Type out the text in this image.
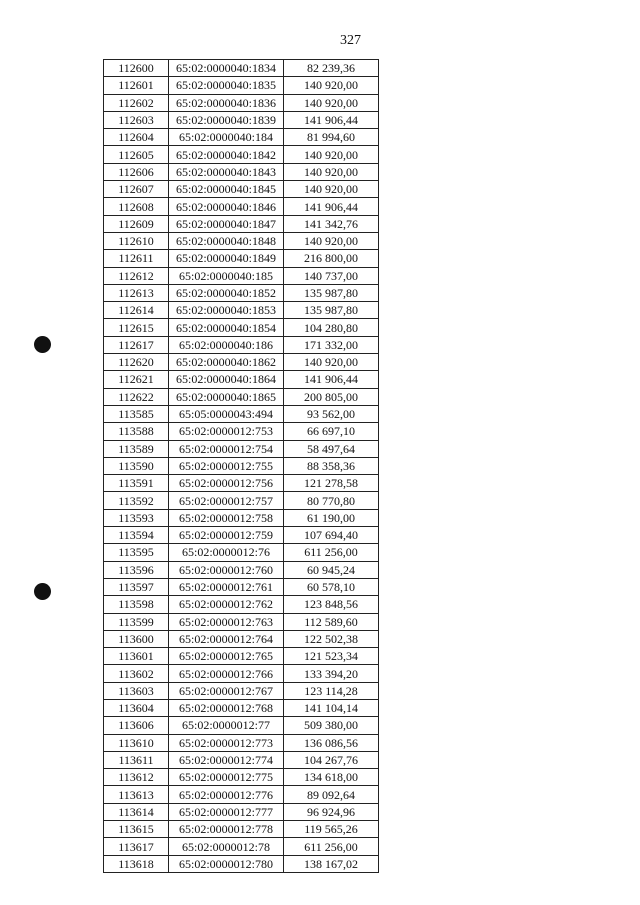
327
112600	65:02:0000040:1834	82 239,36
112601	65:02:0000040:1835	140 920,00
112602	65:02:0000040:1836	140 920,00
112603	65:02:0000040:1839	141 906,44
112604	65:02:0000040:184	81 994,60
112605	65:02:0000040:1842	140 920,00
112606	65:02:0000040:1843	140 920,00
112607	65:02:0000040:1845	140 920,00
112608	65:02:0000040:1846	141 906,44
112609	65:02:0000040:1847	141 342,76
112610	65:02:0000040:1848	140 920,00
112611	65:02:0000040:1849	216 800,00
112612	65:02:0000040:185	140 737,00
112613	65:02:0000040:1852	135 987,80
112614	65:02:0000040:1853	135 987,80
112615	65:02:0000040:1854	104 280,80
112617	65:02:0000040:186	171 332,00
112620	65:02:0000040:1862	140 920,00
112621	65:02:0000040:1864	141 906,44
112622	65:02:0000040:1865	200 805,00
113585	65:05:0000043:494	93 562,00
113588	65:02:0000012:753	66 697,10
113589	65:02:0000012:754	58 497,64
113590	65:02:0000012:755	88 358,36
113591	65:02:0000012:756	121 278,58
113592	65:02:0000012:757	80 770,80
113593	65:02:0000012:758	61 190,00
113594	65:02:0000012:759	107 694,40
113595	65:02:0000012:76	611 256,00
113596	65:02:0000012:760	60 945,24
113597	65:02:0000012:761	60 578,10
113598	65:02:0000012:762	123 848,56
113599	65:02:0000012:763	112 589,60
113600	65:02:0000012:764	122 502,38
113601	65:02:0000012:765	121 523,34
113602	65:02:0000012:766	133 394,20
113603	65:02:0000012:767	123 114,28
113604	65:02:0000012:768	141 104,14
113606	65:02:0000012:77	509 380,00
113610	65:02:0000012:773	136 086,56
113611	65:02:0000012:774	104 267,76
113612	65:02:0000012:775	134 618,00
113613	65:02:0000012:776	89 092,64
113614	65:02:0000012:777	96 924,96
113615	65:02:0000012:778	119 565,26
113617	65:02:0000012:78	611 256,00
113618	65:02:0000012:780	138 167,02
